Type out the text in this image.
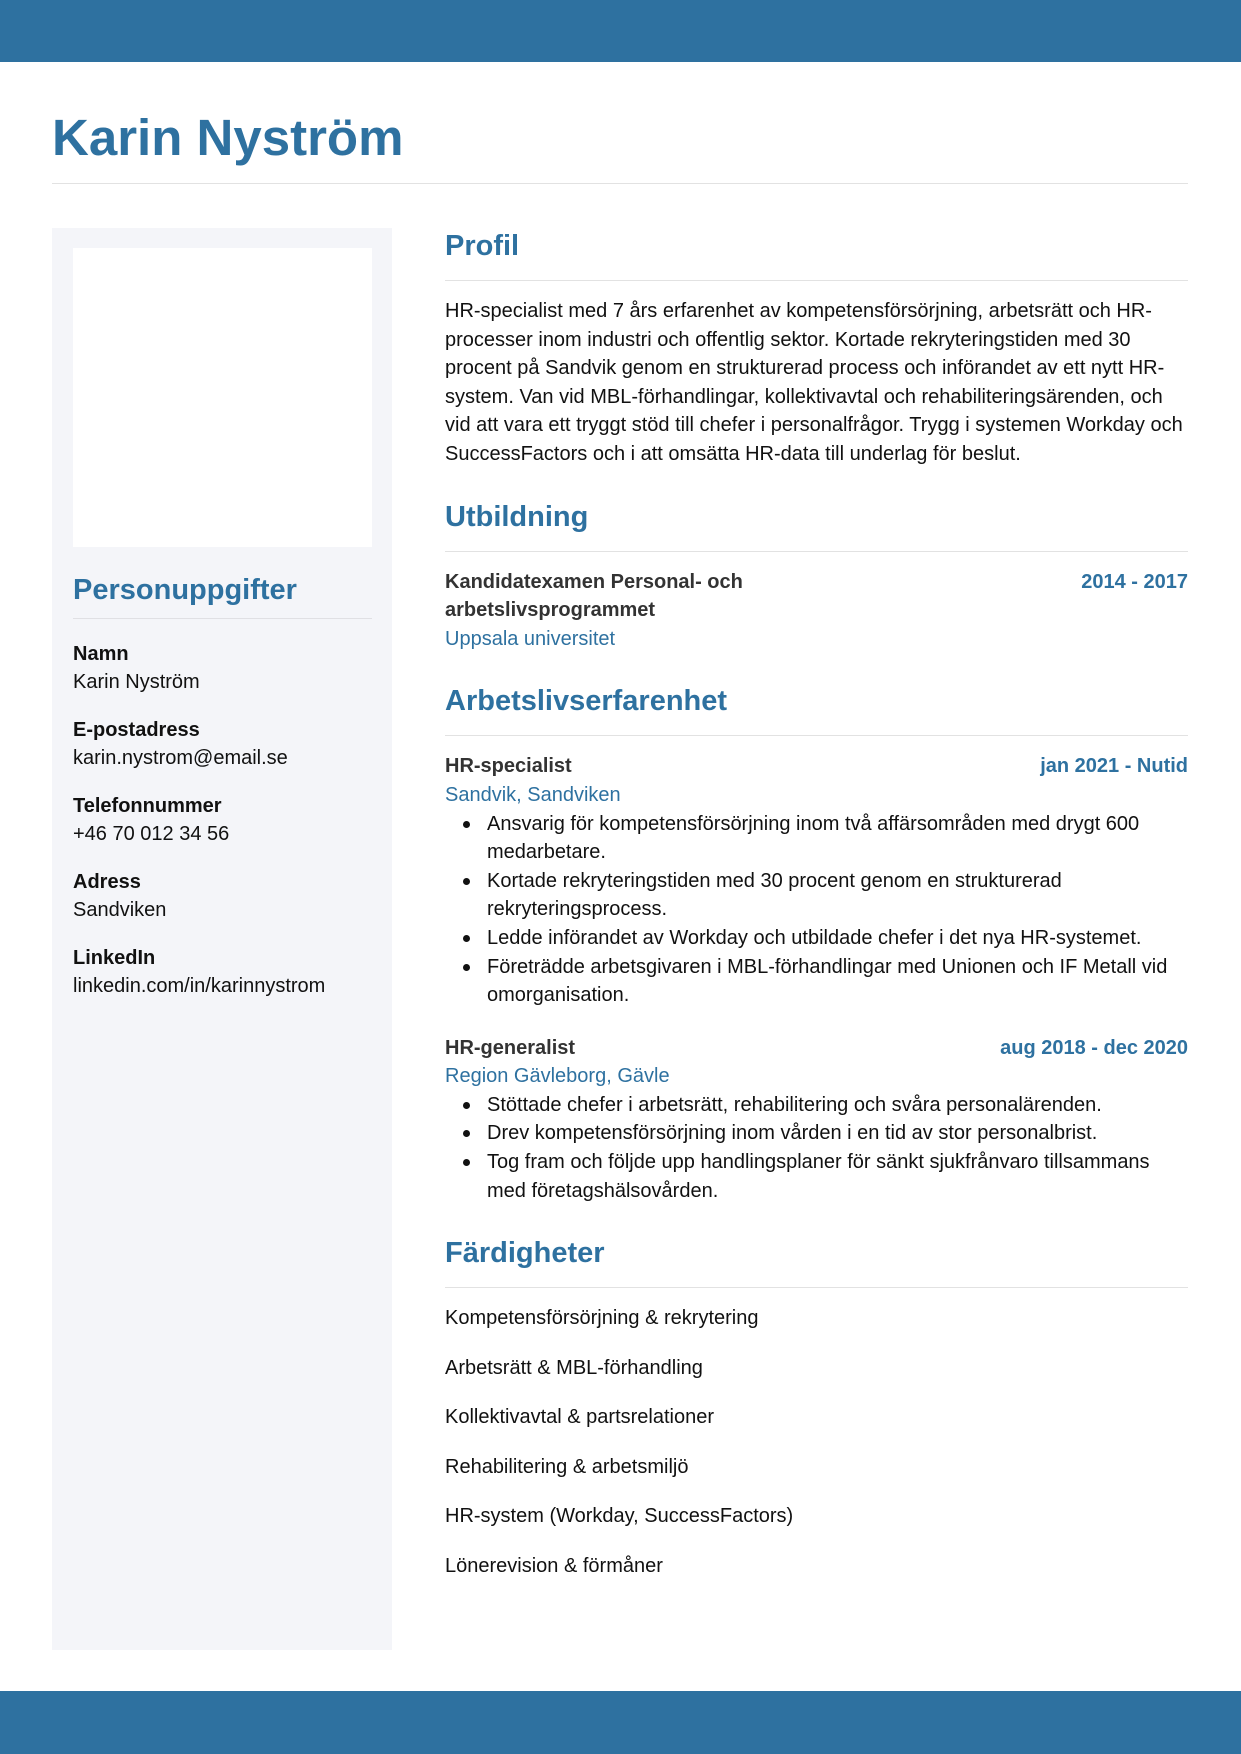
Karin Nyström
Personuppgifter
Namn
Karin Nyström
E-postadress
karin.nystrom@email.se
Telefonnummer
+46 70 012 34 56
Adress
Sandviken
LinkedIn
linkedin.com/in/karinnystrom
Profil

HR-specialist med 7 års erfarenhet av kompetensförsörjning, arbetsrätt och HR-processer inom industri och offentlig sektor. Kortade rekryteringstiden med 30 procent på Sandvik genom en strukturerad process och införandet av ett nytt HR-system. Van vid MBL-förhandlingar, kollektivavtal och rehabiliteringsärenden, och vid att vara ett tryggt stöd till chefer i personalfrågor. Trygg i systemen Workday och SuccessFactors och i att omsätta HR-data till underlag för beslut.

Utbildning
Kandidatexamen Personal- och arbetslivsprogrammet
2014 - 2017
Uppsala universitet
Arbetslivserfarenhet
HR-specialist	jan 2021 - Nutid
Sandvik, Sandviken
Ansvarig för kompetensförsörjning inom två affärsområden med drygt 600 medarbetare.
Kortade rekryteringstiden med 30 procent genom en strukturerad rekryteringsprocess.
Ledde införandet av Workday och utbildade chefer i det nya HR-systemet.
Företrädde arbetsgivaren i MBL-förhandlingar med Unionen och IF Metall vid omorganisation.
HR-generalist	aug 2018 - dec 2020
Region Gävleborg, Gävle
Stöttade chefer i arbetsrätt, rehabilitering och svåra personalärenden.
Drev kompetensförsörjning inom vården i en tid av stor personalbrist.
Tog fram och följde upp handlingsplaner för sänkt sjukfrånvaro tillsammans med företagshälsovården.
Färdigheter
Kompetensförsörjning & rekrytering
Arbetsrätt & MBL-förhandling
Kollektivavtal & partsrelationer
Rehabilitering & arbetsmiljö
HR-system (Workday, SuccessFactors)
Lönerevision & förmåner
